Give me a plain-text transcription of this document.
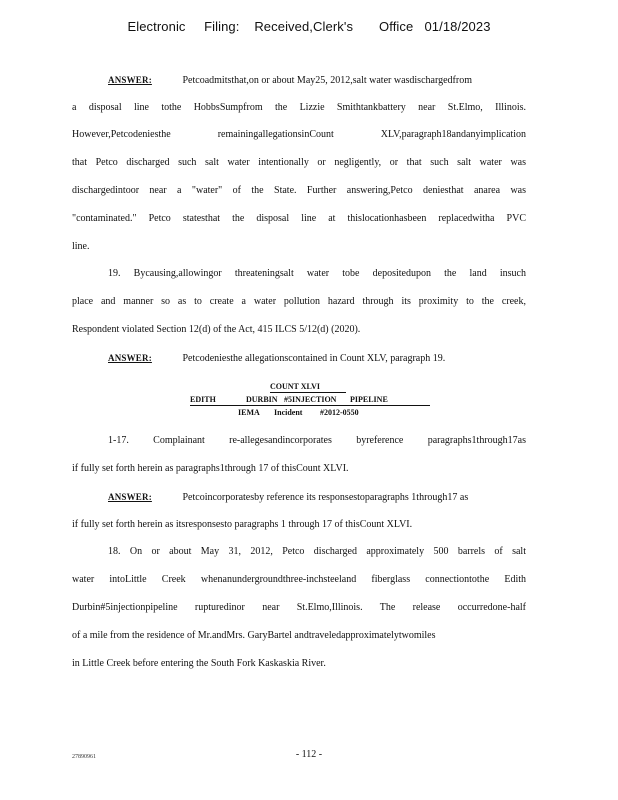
Electronic     Filing:    Received,Clerk's       Office   01/18/2023
ANSWER:	Petcoadmitsthat,on or about May25, 2012,salt water wasdischargedfrom
a disposal line tothe HobbsSumpfrom the Lizzie Smithtankbattery near St.Elmo, Illinois.
However,Petcodeniesthe remainingallegationsinCount XLV,paragraph18andanyimplication
that Petco discharged such salt water intentionally or negligently, or that such salt water was
dischargedintoor near a "water" of the State. Further answering,Petco deniesthat anarea was
"contaminated." Petco statesthat the disposal line at thislocationhasbeen replacedwitha PVC
line.
19. Bycausing,allowingor threateningsalt water tobe depositedupon the land insuch
place and manner so as to create a water pollution hazard through its proximity to the creek,
Respondent violated Section 12(d) of the Act, 415 ILCS 5/12(d) (2020).
ANSWER:	Petcodeniesthe allegationscontained in Count XLV, paragraph 19.
COUNT XLVI
EDITH	DURBIN #5INJECTION PIPELINE
IEMA Incident #2012-0550
1-17. Complainant re-allegesandincorporates byreference paragraphs1through17as
if fully set forth herein as paragraphs1through 17 of thisCount XLVI.
ANSWER:	Petcoincorporatesby reference its responsestoparagraphs 1through17 as
if fully set forth herein as itsresponsesto paragraphs 1 through 17 of thisCount XLVI.
18. On or about May 31, 2012, Petco discharged approximately 500 barrels of salt
water intoLittle Creek whenanundergroundthree-inchsteeland fiberglass connectiontothe Edith
Durbin#5injectionpipeline rupturedinor near St.Elmo,Illinois. The release occurredone-half
of a mile from the residence of Mr.andMrs. GaryBartel andtraveledapproximatelytwomiles
in Little Creek before entering the South Fork Kaskaskia River.
27890961	- 112 -
